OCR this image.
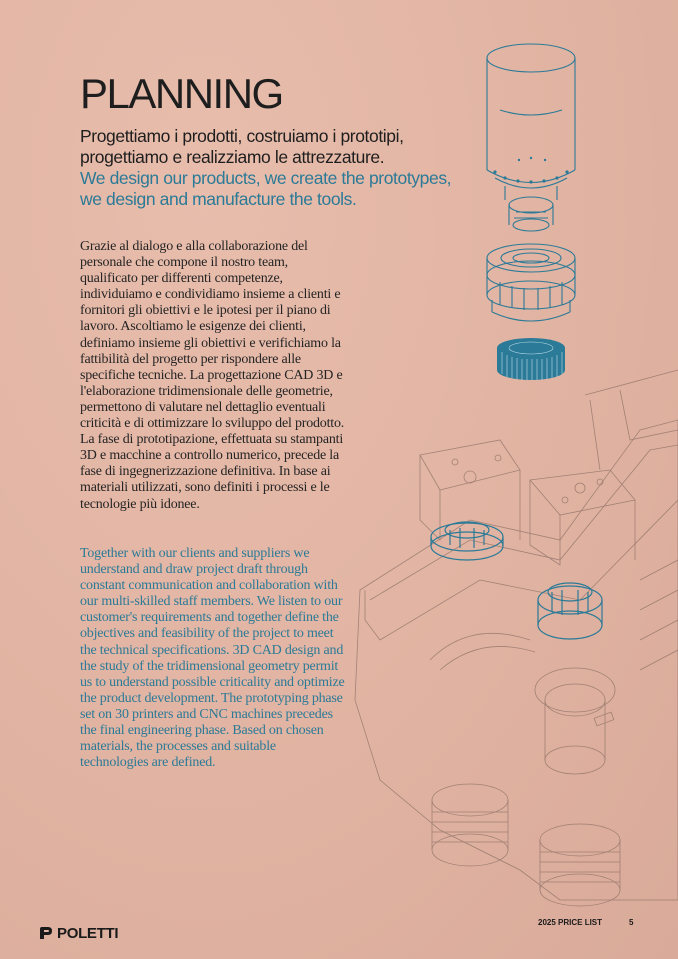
PLANNING
Progettiamo i prodotti, costruiamo i prototipi, progettiamo e realizziamo le attrezzature.
We design our products, we create the prototypes, we design and manufacture the tools.
Grazie al dialogo e alla collaborazione del personale che compone il nostro team, qualificato per differenti competenze, individuiamo e condividiamo insieme a clienti e fornitori gli obiettivi e le ipotesi per il piano di lavoro. Ascoltiamo le esigenze dei clienti, definiamo insieme gli obiettivi e verifichiamo la fattibilità del progetto per rispondere alle specifiche tecniche. La progettazione CAD 3D e l'elaborazione tridimensionale delle geometrie, permettono di valutare nel dettaglio eventuali criticità e di ottimizzare lo sviluppo del prodotto. La fase di prototipazione, effettuata su stampanti 3D e macchine a controllo numerico, precede la fase di ingegnerizzazione definitiva. In base ai materiali utilizzati, sono definiti i processi e le tecnologie più idonee.
Together with our clients and suppliers we understand and draw project draft through constant communication and collaboration with our multi-skilled staff members. We listen to our customer's requirements and together define the objectives and feasibility of the project to meet the technical specifications. 3D CAD design and the study of the tridimensional geometry permit us to understand possible criticality and optimize the product development. The prototyping phase set on 30 printers and CNC machines precedes the final engineering phase. Based on chosen materials, the processes and suitable technologies are defined.
POLETTI
2025 PRICE LIST	5
